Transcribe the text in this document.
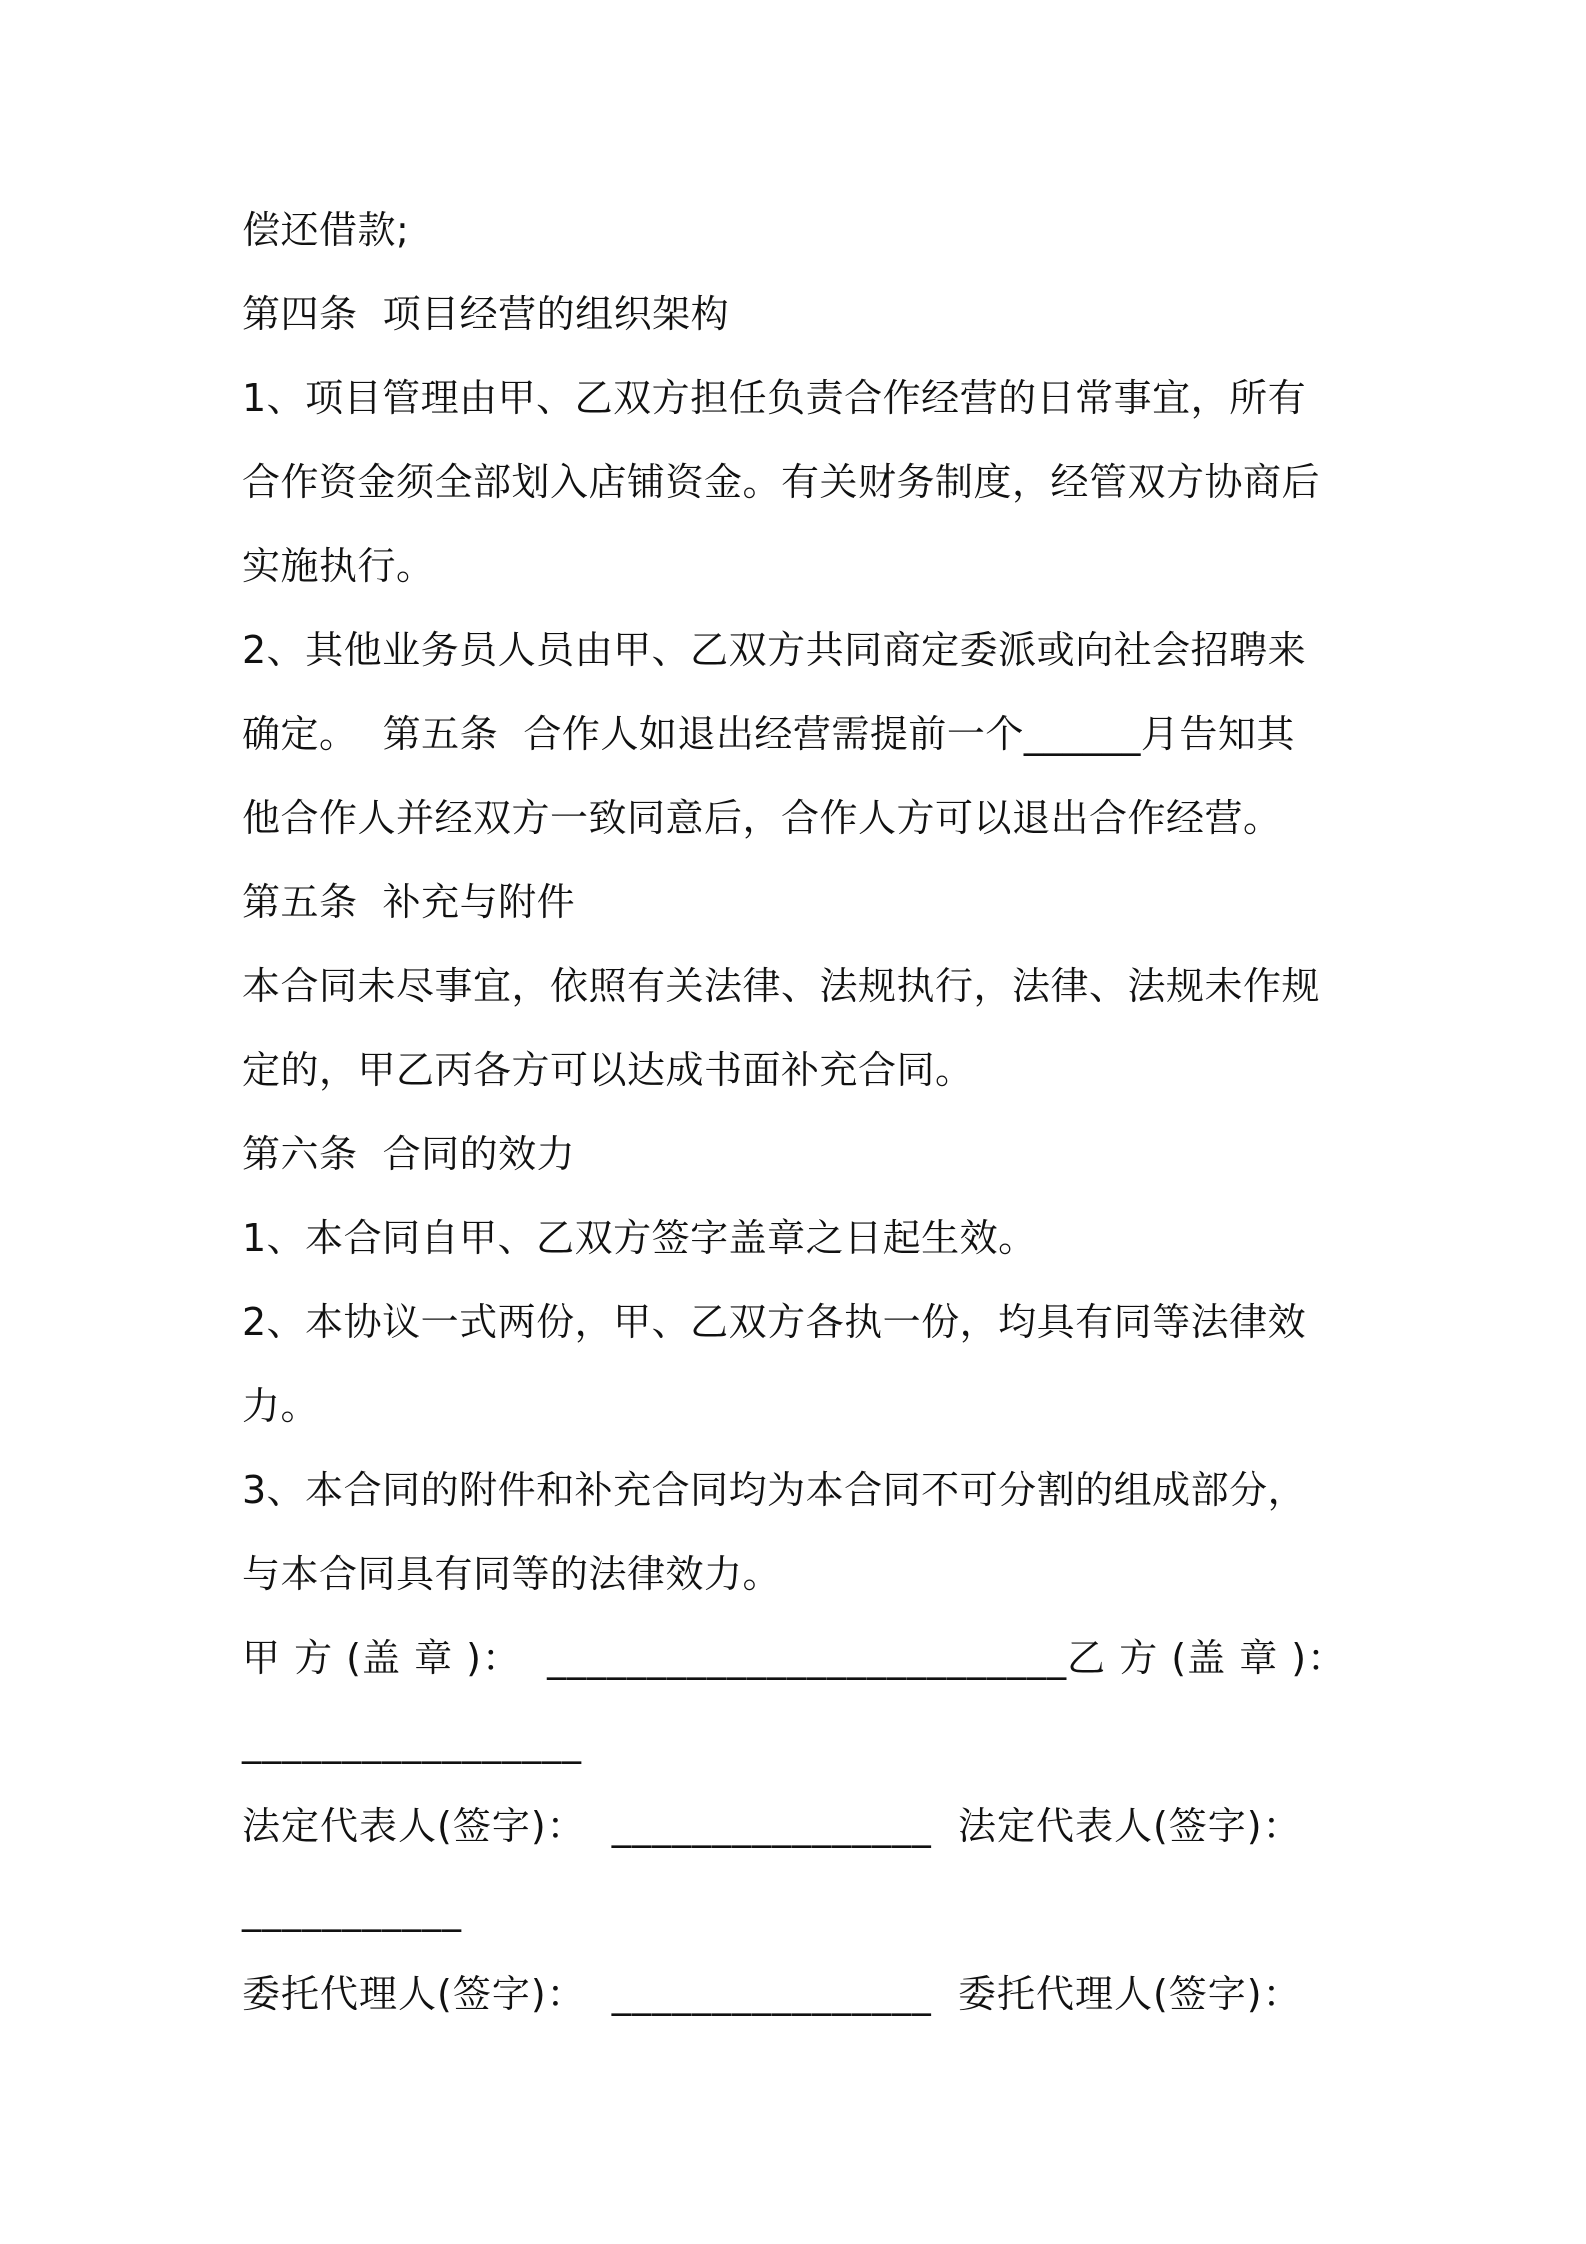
偿还借款;
第四条  项目经营的组织架构
1、项目管理由甲、乙双方担任负责合作经营的日常事宜，所有
合作资金须全部划入店铺资金。有关财务制度，经管双方协商后
实施执行。
2、其他业务员人员由甲、乙双方共同商定委派或向社会招聘来
确定。  第五条  合作人如退出经营需提前一个______月告知其
他合作人并经双方一致同意后，合作人方可以退出合作经营。
第五条  补充与附件
本合同未尽事宜，依照有关法律、法规执行，法律、法规未作规
定的，甲乙丙各方可以达成书面补充合同。
第六条  合同的效力
1、本合同自甲、乙双方签字盖章之日起生效。
2、本协议一式两份，甲、乙双方各执一份，均具有同等法律效
力。
3、本合同的附件和补充合同均为本合同不可分割的组成部分，
与本合同具有同等的法律效力。
甲 方 (盖 章 )：  __________________________乙 方 (盖 章 )：
_________________
法定代表人(签字)：  ________________  法定代表人(签字)：
___________
委托代理人(签字)：  ________________  委托代理人(签字)：
